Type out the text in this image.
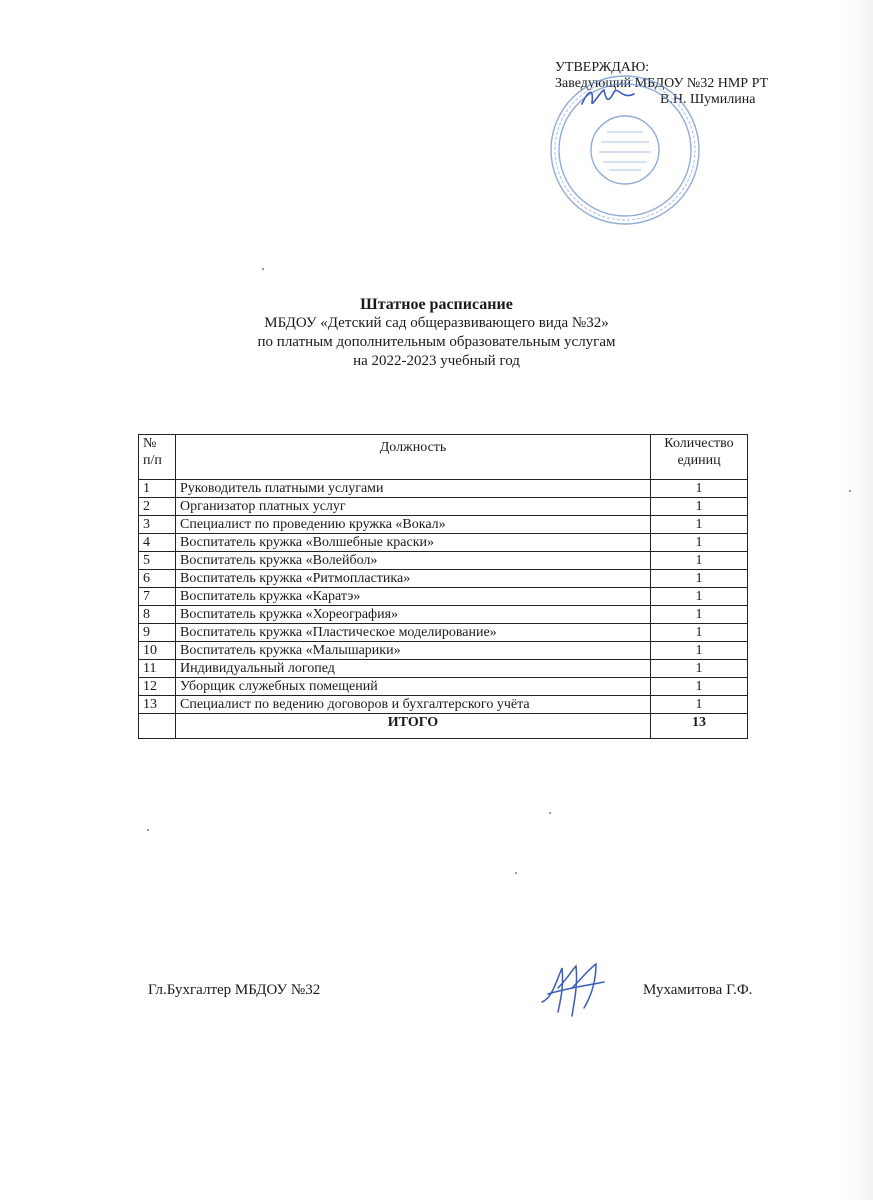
УТВЕРЖДАЮ:
Заведующий МБДОУ №32 НМР РТ
В.Н. Шумилина
Штатное расписание
МБДОУ «Детский сад общеразвивающего вида №32»
по платным дополнительным образовательным услугам
на 2022-2023 учебный год
№ п/п	Должность	Количество единиц
1	Руководитель платными услугами	1
2	Организатор платных услуг	1
3	Специалист по проведению кружка «Вокал»	1
4	Воспитатель кружка «Волшебные краски»	1
5	Воспитатель кружка «Волейбол»	1
6	Воспитатель кружка «Ритмопластика»	1
7	Воспитатель кружка «Каратэ»	1
8	Воспитатель кружка «Хореография»	1
9	Воспитатель кружка «Пластическое моделирование»	1
10	Воспитатель кружка «Малышарики»	1
11	Индивидуальный логопед	1
12	Уборщик служебных помещений	1
13	Специалист по ведению договоров и бухгалтерского учёта	1
	ИТОГО	13
Гл.Бухгалтер МБДОУ №32	Мухамитова Г.Ф.
